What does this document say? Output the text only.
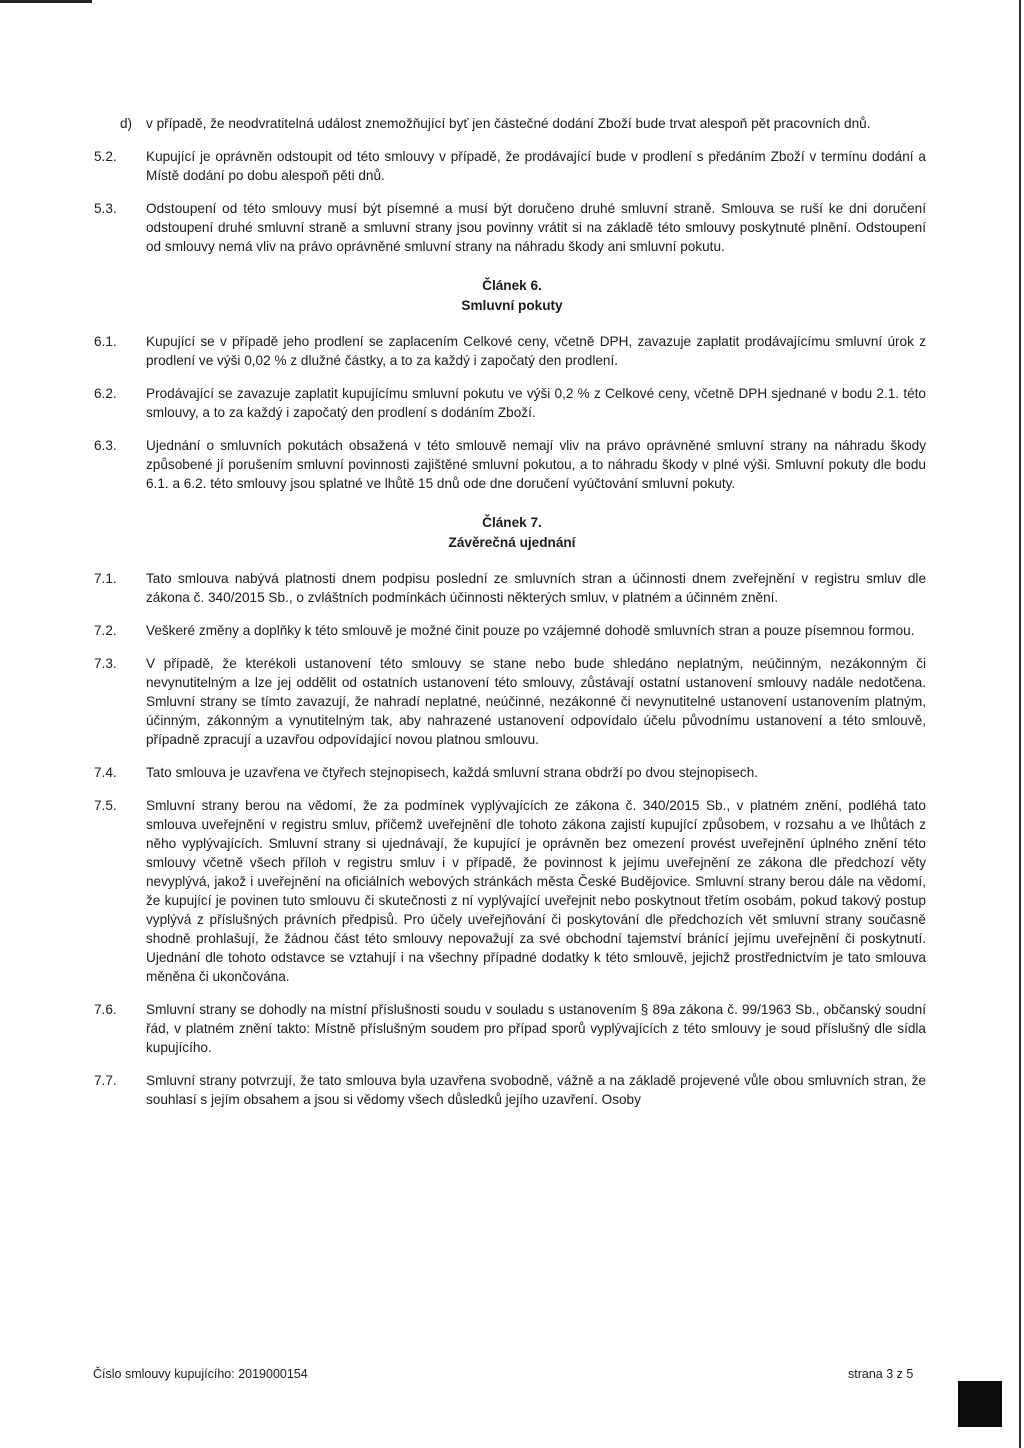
d) v případě, že neodvratitelná událost znemožňující byť jen částečné dodání Zboží bude trvat alespoň pět pracovních dnů.
5.2. Kupující je oprávněn odstoupit od této smlouvy v případě, že prodávající bude v prodlení s předáním Zboží v termínu dodání a Místě dodání po dobu alespoň pěti dnů.
5.3. Odstoupení od této smlouvy musí být písemné a musí být doručeno druhé smluvní straně. Smlouva se ruší ke dni doručení odstoupení druhé smluvní straně a smluvní strany jsou povinny vrátit si na základě této smlouvy poskytnuté plnění. Odstoupení od smlouvy nemá vliv na právo oprávněné smluvní strany na náhradu škody ani smluvní pokutu.
Článek 6.
Smluvní pokuty
6.1. Kupující se v případě jeho prodlení se zaplacením Celkové ceny, včetně DPH, zavazuje zaplatit prodávajícímu smluvní úrok z prodlení ve výši 0,02 % z dlužné částky, a to za každý i započatý den prodlení.
6.2. Prodávající se zavazuje zaplatit kupujícímu smluvní pokutu ve výši 0,2 % z Celkové ceny, včetně DPH sjednané v bodu 2.1. této smlouvy, a to za každý i započatý den prodlení s dodáním Zboží.
6.3. Ujednání o smluvních pokutách obsažená v této smlouvě nemají vliv na právo oprávněné smluvní strany na náhradu škody způsobené jí porušením smluvní povinnosti zajištěné smluvní pokutou, a to náhradu škody v plné výši. Smluvní pokuty dle bodu 6.1. a 6.2. této smlouvy jsou splatné ve lhůtě 15 dnů ode dne doručení vyúčtování smluvní pokuty.
Článek 7.
Závěrečná ujednání
7.1. Tato smlouva nabývá platnosti dnem podpisu poslední ze smluvních stran a účinnosti dnem zveřejnění v registru smluv dle zákona č. 340/2015 Sb., o zvláštních podmínkách účinnosti některých smluv, v platném a účinném znění.
7.2. Veškeré změny a doplňky k této smlouvě je možné činit pouze po vzájemné dohodě smluvních stran a pouze písemnou formou.
7.3. V případě, že kterékoli ustanovení této smlouvy se stane nebo bude shledáno neplatným, neúčinným, nezákonným či nevynutitelným a lze jej oddělit od ostatních ustanovení této smlouvy, zůstávají ostatní ustanovení smlouvy nadále nedotčena. Smluvní strany se tímto zavazují, že nahradí neplatné, neúčinné, nezákonné či nevynutitelné ustanovení ustanovením platným, účinným, zákonným a vynutitelným tak, aby nahrazené ustanovení odpovídalo účelu původnímu ustanovení a této smlouvě, případně zpracují a uzavřou odpovídající novou platnou smlouvu.
7.4. Tato smlouva je uzavřena ve čtyřech stejnopisech, každá smluvní strana obdrží po dvou stejnopisech.
7.5. Smluvní strany berou na vědomí, že za podmínek vyplývajících ze zákona č. 340/2015 Sb., v platném znění, podléhá tato smlouva uveřejnění v registru smluv, přičemž uveřejnění dle tohoto zákona zajistí kupující způsobem, v rozsahu a ve lhůtách z něho vyplývajících. Smluvní strany si ujednávají, že kupující je oprávněn bez omezení provést uveřejnění úplného znění této smlouvy včetně všech příloh v registru smluv i v případě, že povinnost k jejímu uveřejnění ze zákona dle předchozí věty nevyplývá, jakož i uveřejnění na oficiálních webových stránkách města České Budějovice. Smluvní strany berou dále na vědomí, že kupující je povinen tuto smlouvu či skutečnosti z ní vyplývající uveřejnit nebo poskytnout třetím osobám, pokud takový postup vyplývá z příslušných právních předpisů. Pro účely uveřejňování či poskytování dle předchozích vět smluvní strany současně shodně prohlašují, že žádnou část této smlouvy nepovažují za své obchodní tajemství bránící jejímu uveřejnění či poskytnutí. Ujednání dle tohoto odstavce se vztahují i na všechny případné dodatky k této smlouvě, jejichž prostřednictvím je tato smlouva měněna či ukončována.
7.6. Smluvní strany se dohodly na místní příslušnosti soudu v souladu s ustanovením § 89a zákona č. 99/1963 Sb., občanský soudní řád, v platném znění takto: Místně příslušným soudem pro případ sporů vyplývajících z této smlouvy je soud příslušný dle sídla kupujícího.
7.7. Smluvní strany potvrzují, že tato smlouva byla uzavřena svobodně, vážně a na základě projevené vůle obou smluvních stran, že souhlasí s jejím obsahem a jsou si vědomy všech důsledků jejího uzavření. Osoby
Číslo smlouvy kupujícího: 2019000154	strana 3 z 5
